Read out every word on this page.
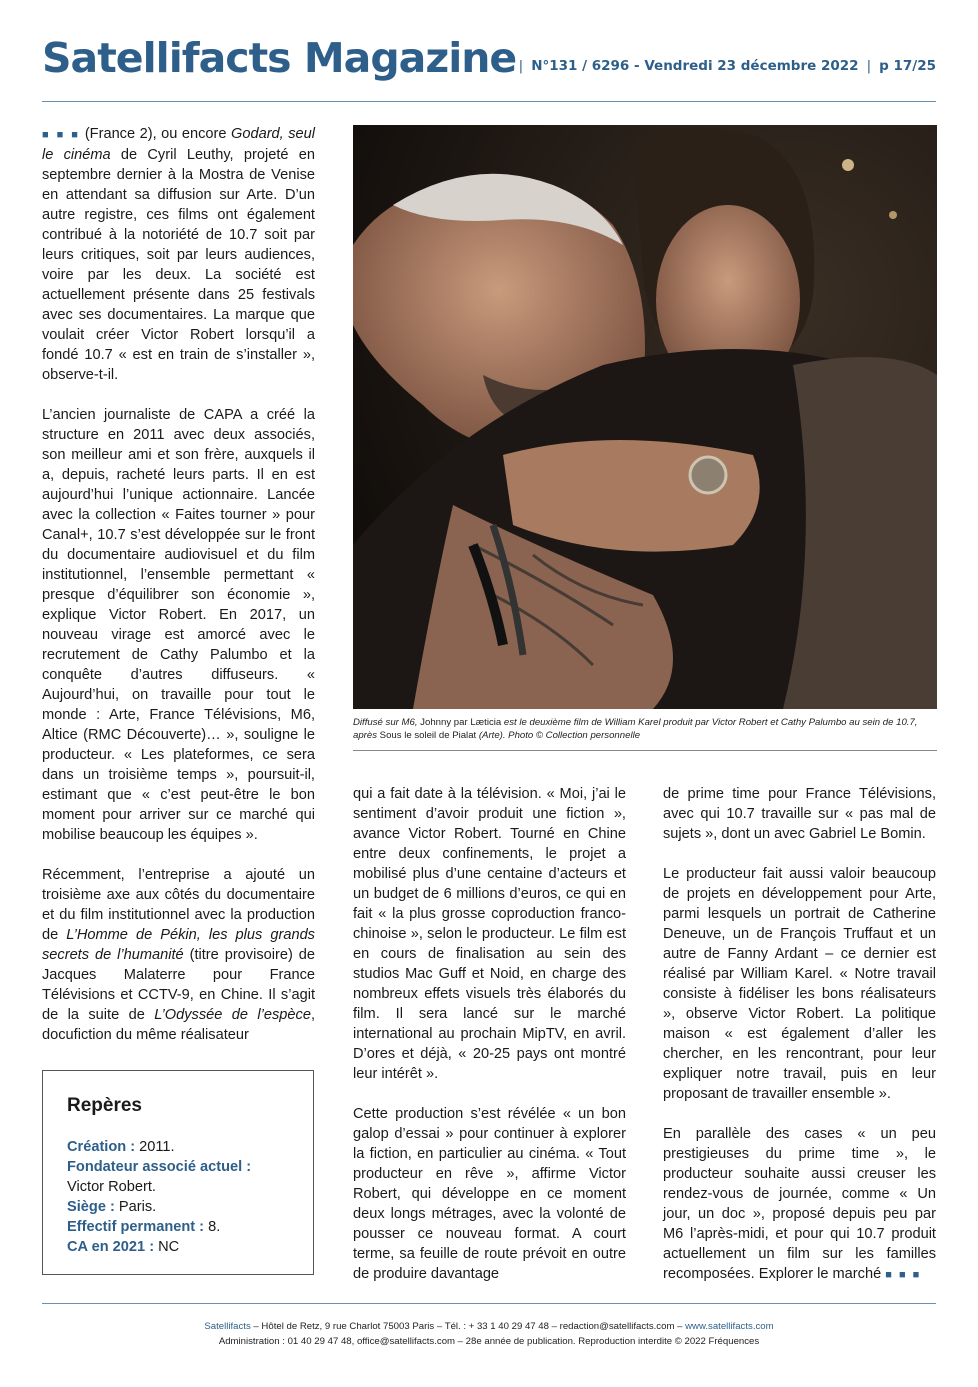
Satellifacts Magazine | N°131 / 6296 - Vendredi 23 décembre 2022 | p 17/25

■ ■ ■ (France 2), ou encore Godard, seul le cinéma de Cyril Leuthy, projeté en septembre dernier à la Mostra de Venise en attendant sa diffusion sur Arte. D’un autre registre, ces films ont également contribué à la notoriété de 10.7 soit par leurs critiques, soit par leurs audiences, voire par les deux. La société est actuellement présente dans 25 festivals avec ses documentaires. La marque que voulait créer Victor Robert lorsqu’il a fondé 10.7 « est en train de s’installer », observe-t-il.

L’ancien journaliste de CAPA a créé la structure en 2011 avec deux associés, son meilleur ami et son frère, auxquels il a, depuis, racheté leurs parts. Il en est aujourd’hui l’unique actionnaire. Lancée avec la collection « Faites tourner » pour Canal+, 10.7 s’est développée sur le front du documentaire audiovisuel et du film institutionnel, l’ensemble permettant « presque d’équilibrer son économie », explique Victor Robert. En 2017, un nouveau virage est amorcé avec le recrutement de Cathy Palumbo et la conquête d’autres diffuseurs. « Aujourd’hui, on travaille pour tout le monde : Arte, France Télévisions, M6, Altice (RMC Découverte)… », souligne le producteur. « Les plateformes, ce sera dans un troisième temps », poursuit-il, estimant que « c’est peut-être le bon moment pour arriver sur ce marché qui mobilise beaucoup les équipes ».

Récemment, l’entreprise a ajouté un troisième axe aux côtés du documentaire et du film institutionnel avec la production de L’Homme de Pékin, les plus grands secrets de l’humanité (titre provisoire) de Jacques Malaterre pour France Télévisions et CCTV-9, en Chine. Il s’agit de la suite de L’Odyssée de l’espèce, docufiction du même réalisateur

Repères
Création : 2011.
Fondateur associé actuel :
Victor Robert.
Siège : Paris.
Effectif permanent : 8.
CA en 2021 : NC
Diffusé sur M6, Johnny par Læticia est le deuxième film de William Karel produit par Victor Robert et Cathy Palumbo au sein de 10.7, après Sous le soleil de Pialat (Arte). Photo © Collection personnelle

qui a fait date à la télévision. « Moi, j’ai le sentiment d’avoir produit une fiction », avance Victor Robert. Tourné en Chine entre deux confinements, le projet a mobilisé plus d’une centaine d’acteurs et un budget de 6 millions d’euros, ce qui en fait « la plus grosse coproduction franco-chinoise », selon le producteur. Le film est en cours de finalisation au sein des studios Mac Guff et Noid, en charge des nombreux effets visuels très élaborés du film. Il sera lancé sur le marché international au prochain MipTV, en avril. D’ores et déjà, « 20-25 pays ont montré leur intérêt ».

Cette production s’est révélée « un bon galop d’essai » pour continuer à explorer la fiction, en particulier au cinéma. « Tout producteur en rêve », affirme Victor Robert, qui développe en ce moment deux longs métrages, avec la volonté de pousser ce nouveau format. A court terme, sa feuille de route prévoit en outre de produire davantage

de prime time pour France Télévisions, avec qui 10.7 travaille sur « pas mal de sujets », dont un avec Gabriel Le Bomin.

Le producteur fait aussi valoir beaucoup de projets en développement pour Arte, parmi lesquels un portrait de Catherine Deneuve, un de François Truffaut et un autre de Fanny Ardant – ce dernier est réalisé par William Karel. « Notre travail consiste à fidéliser les bons réalisateurs », observe Victor Robert. La politique maison « est également d’aller les chercher, en les rencontrant, pour leur expliquer notre travail, puis en leur proposant de travailler ensemble ».

En parallèle des cases « un peu prestigieuses du prime time », le producteur souhaite aussi creuser les rendez-vous de journée, comme « Un jour, un doc », proposé depuis peu par M6 l’après-midi, et pour qui 10.7 produit actuellement un film sur les familles recomposées. Explorer le marché ■ ■ ■

Satellifacts – Hôtel de Retz, 9 rue Charlot 75003 Paris – Tél. : + 33 1 40 29 47 48 – redaction@satellifacts.com – www.satellifacts.com
Administration : 01 40 29 47 48, office@satellifacts.com – 28e année de publication. Reproduction interdite © 2022 Fréquences
